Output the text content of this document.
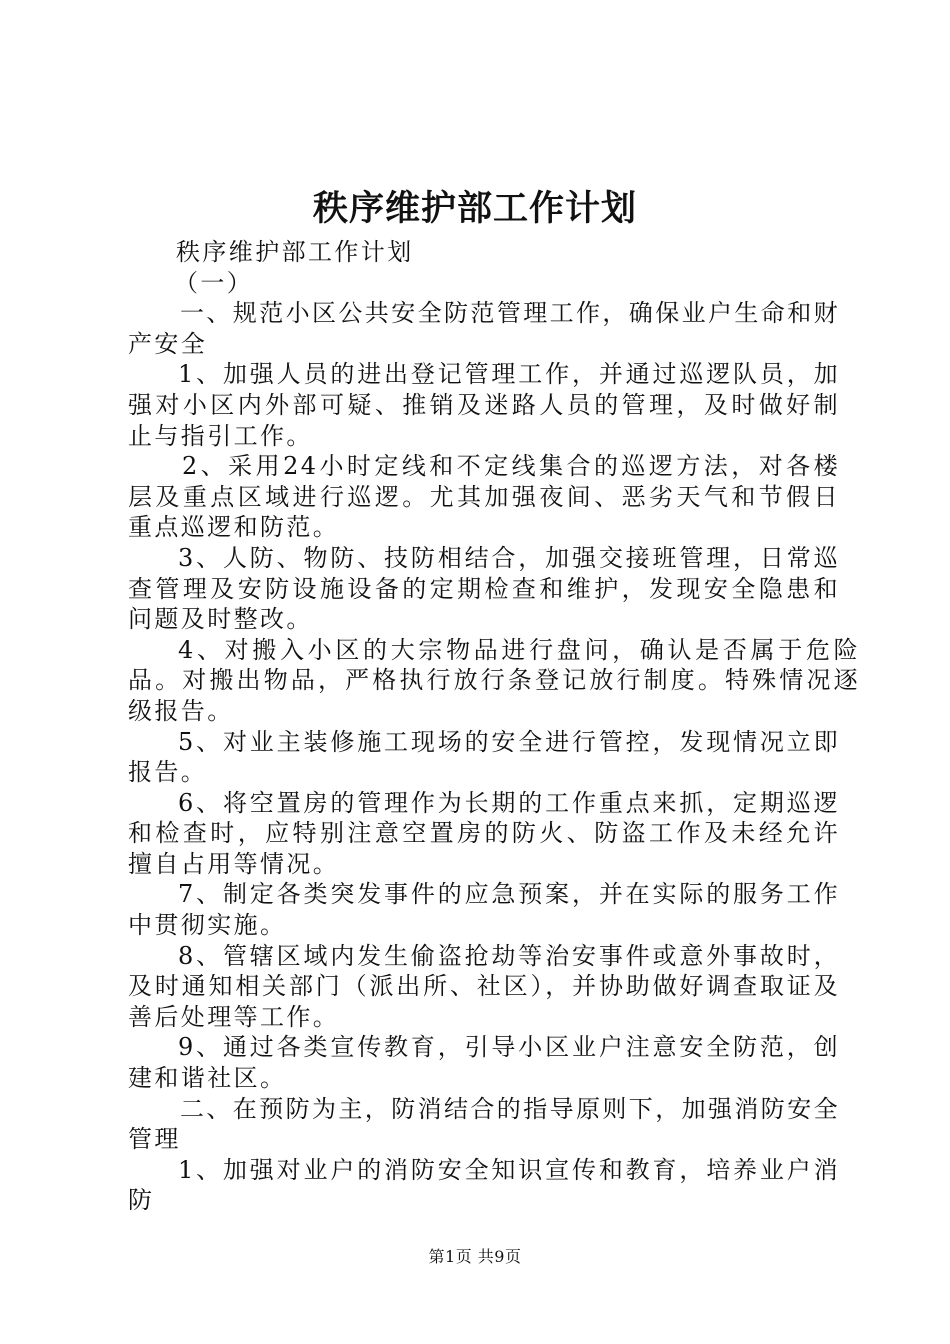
秩序维护部工作计划

秩序维护部工作计划

（一）

一、规范小区公共安全防范管理工作，确保业户生命和财产安全

1、加强人员的进出登记管理工作，并通过巡逻队员，加强对小区内外部可疑、推销及迷路人员的管理，及时做好制止与指引工作。

2、采用24小时定线和不定线集合的巡逻方法，对各楼层及重点区域进行巡逻。尤其加强夜间、恶劣天气和节假日重点巡逻和防范。

3、人防、物防、技防相结合，加强交接班管理，日常巡查管理及安防设施设备的定期检查和维护，发现安全隐患和问题及时整改。

4、对搬入小区的大宗物品进行盘问，确认是否属于危险品。对搬出物品，严格执行放行条登记放行制度。特殊情况逐级报告。

5、对业主装修施工现场的安全进行管控，发现情况立即报告。

6、将空置房的管理作为长期的工作重点来抓，定期巡逻和检查时，应特别注意空置房的防火、防盗工作及未经允许擅自占用等情况。

7、制定各类突发事件的应急预案，并在实际的服务工作中贯彻实施。

8、管辖区域内发生偷盗抢劫等治安事件或意外事故时，及时通知相关部门（派出所、社区），并协助做好调查取证及善后处理等工作。

9、通过各类宣传教育，引导小区业户注意安全防范，创建和谐社区。

二、在预防为主，防消结合的指导原则下，加强消防安全管理

1、加强对业户的消防安全知识宣传和教育，培养业户消防

第1页 共9页
